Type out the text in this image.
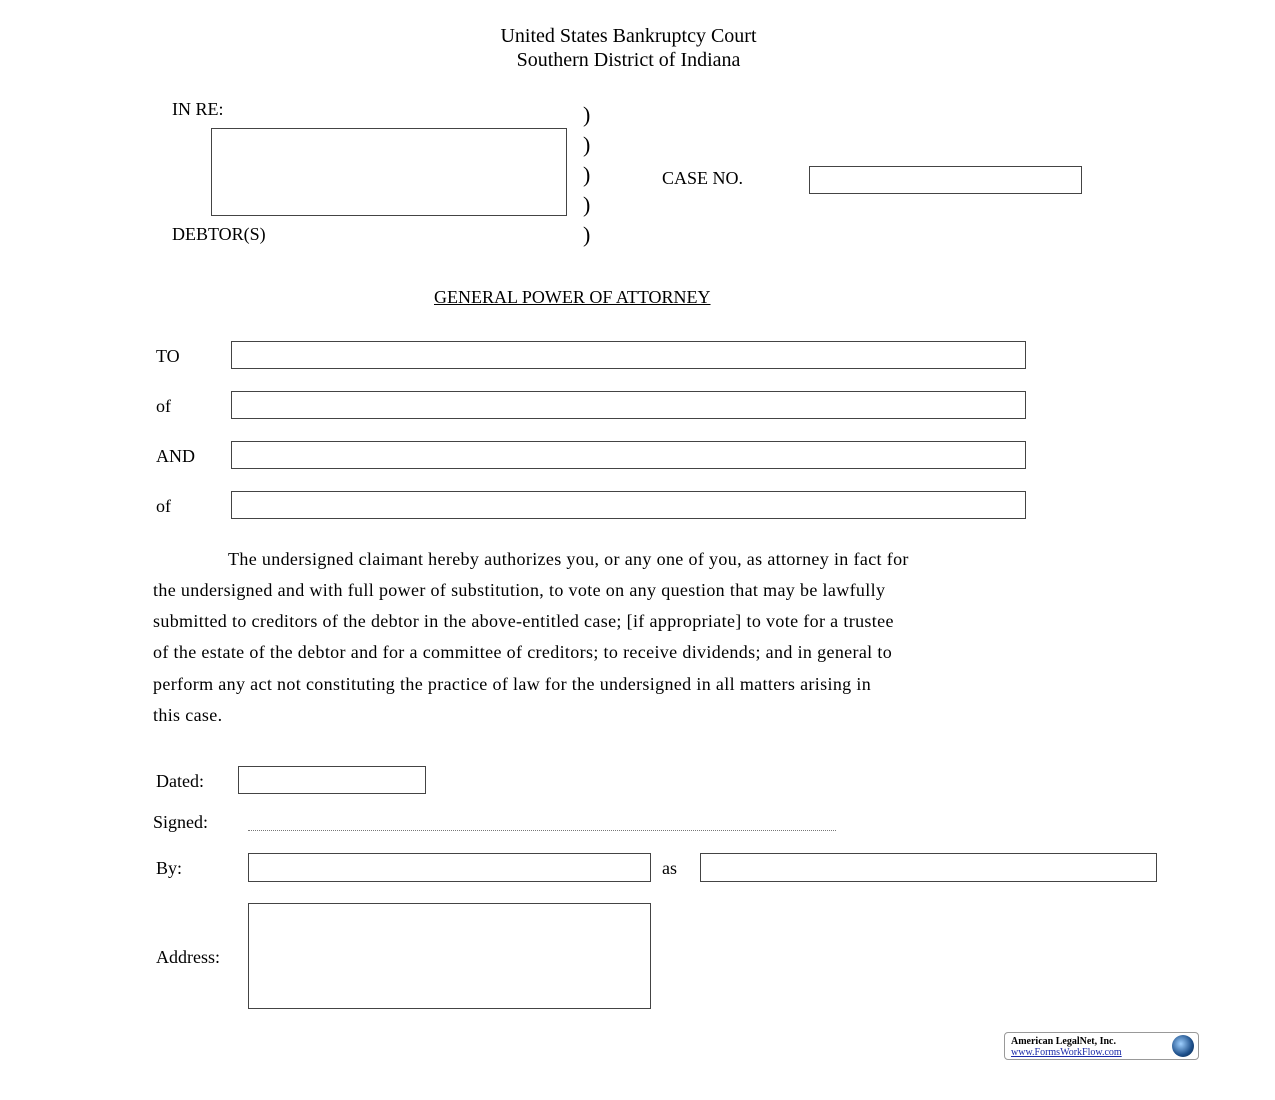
United States Bankruptcy Court
Southern District of Indiana
IN RE:
DEBTOR(S)
)
)
)
)
)
CASE NO.
GENERAL POWER OF ATTORNEY
TO
of
AND
of
The undersigned claimant hereby authorizes you, or any one of you, as attorney in fact for
the undersigned and with full power of substitution, to vote on any question that may be lawfully
submitted to creditors of the debtor in the above-entitled case; [if appropriate] to vote for a trustee
of the estate of the debtor and for a committee of creditors; to receive dividends; and in general to
perform any act not constituting the practice of law for the undersigned in all matters arising in
this case.
Dated:
Signed:
By:	as
Address:
American LegalNet, Inc.
www.FormsWorkFlow.com
